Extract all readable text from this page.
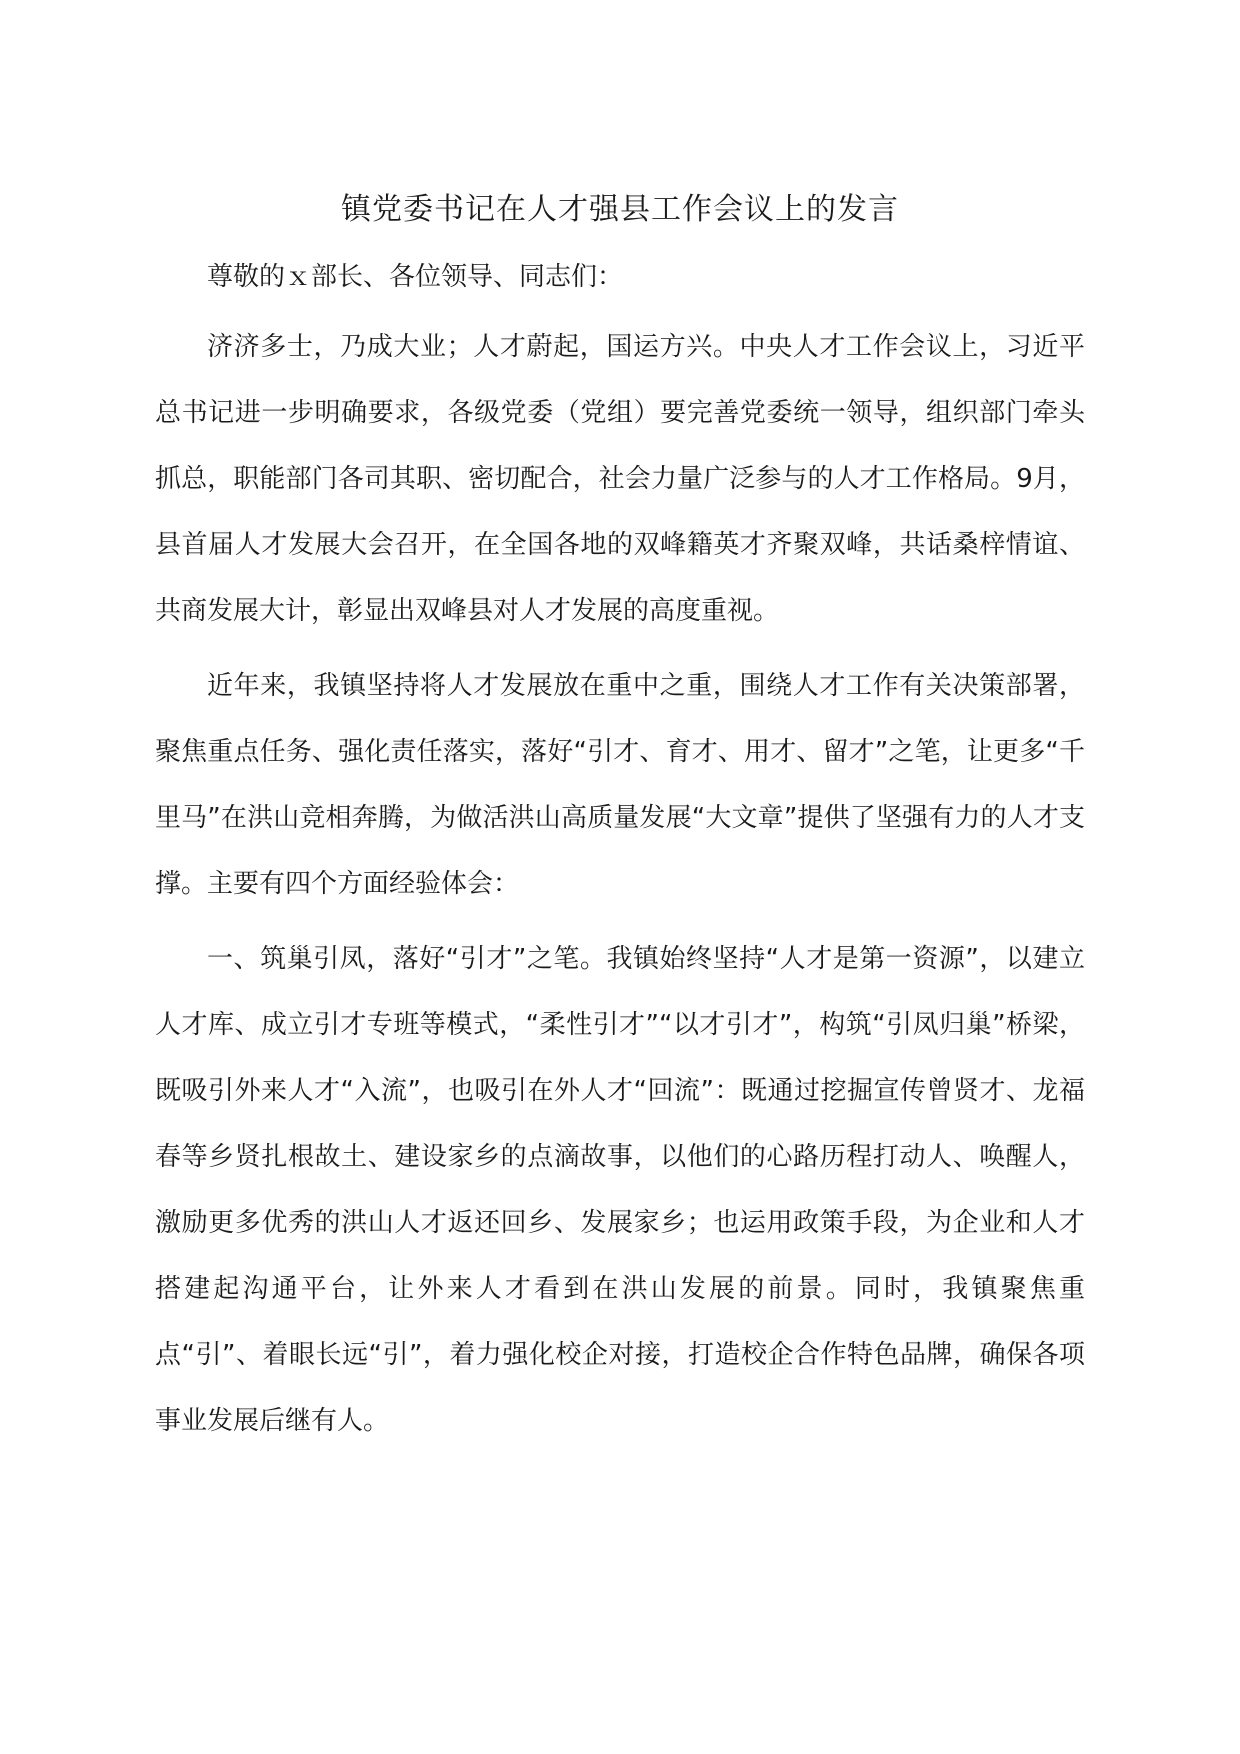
镇党委书记在人才强县工作会议上的发言

尊敬的ｘ部长、各位领导、同志们：

济济多士，乃成大业；人才蔚起，国运方兴。中央人才工作会议上，习近平总书记进一步明确要求，各级党委（党组）要完善党委统一领导，组织部门牵头抓总，职能部门各司其职、密切配合，社会力量广泛参与的人才工作格局。9月，县首届人才发展大会召开，在全国各地的双峰籍英才齐聚双峰，共话桑梓情谊、共商发展大计，彰显出双峰县对人才发展的高度重视。

近年来，我镇坚持将人才发展放在重中之重，围绕人才工作有关决策部署，聚焦重点任务、强化责任落实，落好“引才、育才、用才、留才”之笔，让更多“千里马”在洪山竞相奔腾，为做活洪山高质量发展“大文章”提供了坚强有力的人才支撑。主要有四个方面经验体会：

一、筑巢引凤，落好“引才”之笔。我镇始终坚持“人才是第一资源”，以建立人才库、成立引才专班等模式，“柔性引才”“以才引才”，构筑“引凤归巢”桥梁，既吸引外来人才“入流”，也吸引在外人才“回流”：既通过挖掘宣传曾贤才、龙福春等乡贤扎根故土、建设家乡的点滴故事，以他们的心路历程打动人、唤醒人，激励更多优秀的洪山人才返还回乡、发展家乡；也运用政策手段，为企业和人才搭建起沟通平台，让外来人才看到在洪山发展的前景。同时，我镇聚焦重点“引”、着眼长远“引”，着力强化校企对接，打造校企合作特色品牌，确保各项事业发展后继有人。
